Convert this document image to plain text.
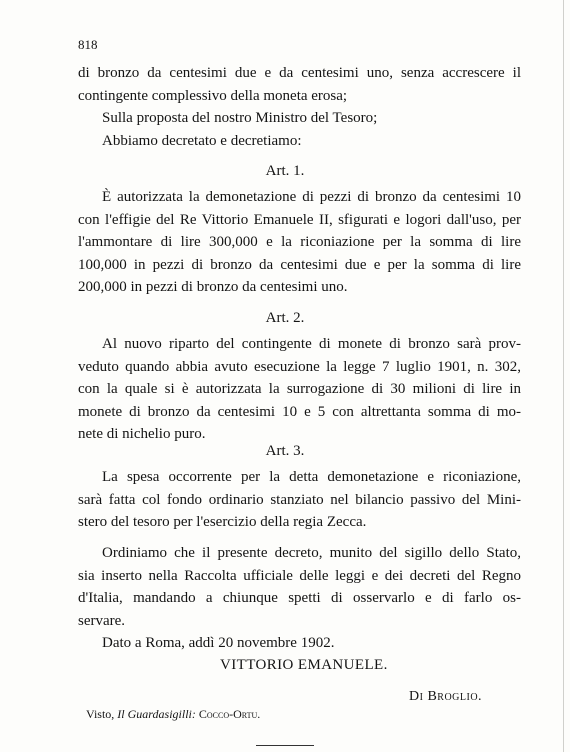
818
di bronzo da centesimi due e da centesimi uno, senza accrescere il
contingente complessivo della moneta erosa;
Sulla proposta del nostro Ministro del Tesoro;
Abbiamo decretato e decretiamo:
Art. 1.
È autorizzata la demonetazione di pezzi di bronzo da centesimi 10
con l'effigie del Re Vittorio Emanuele II, sfigurati e logori dall'uso, per
l'ammontare di lire 300,000 e la riconiazione per la somma di lire
100,000 in pezzi di bronzo da centesimi due e per la somma di lire
200,000 in pezzi di bronzo da centesimi uno.
Art. 2.
Al nuovo riparto del contingente di monete di bronzo sarà prov-
veduto quando abbia avuto esecuzione la legge 7 luglio 1901, n. 302,
con la quale si è autorizzata la surrogazione di 30 milioni di lire in
monete di bronzo da centesimi 10 e 5 con altrettanta somma di mo-
nete di nichelio puro.
Art. 3.
La spesa occorrente per la detta demonetazione e riconiazione,
sarà fatta col fondo ordinario stanziato nel bilancio passivo del Mini-
stero del tesoro per l'esercizio della regia Zecca.
Ordiniamo che il presente decreto, munito del sigillo dello Stato,
sia inserto nella Raccolta ufficiale delle leggi e dei decreti del Regno
d'Italia, mandando a chiunque spetti di osservarlo e di farlo os-
servare.
Dato a Roma, addì 20 novembre 1902.
VITTORIO EMANUELE.
Di Broglio.
Visto, Il Guardasigilli: Cocco-Ortu.
